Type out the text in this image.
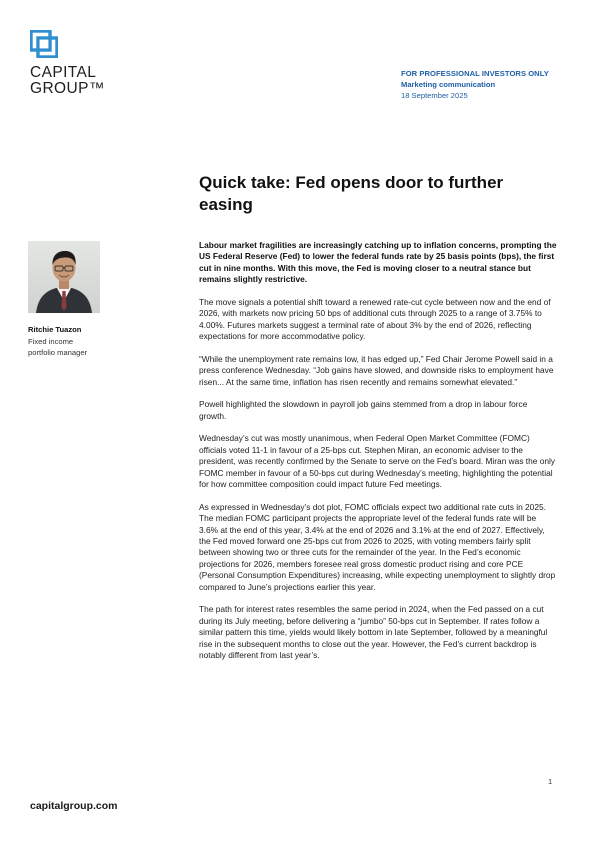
CAPITAL
GROUP™
FOR PROFESSIONAL INVESTORS ONLY
Marketing communication
18 September 2025
Quick take: Fed opens door to further easing
Ritchie Tuazon
Fixed income
portfolio manager

Labour market fragilities are increasingly catching up to inflation concerns, prompting the US Federal Reserve (Fed) to lower the federal funds rate by 25 basis points (bps), the first cut in nine months. With this move, the Fed is moving closer to a neutral stance but remains slightly restrictive.

The move signals a potential shift toward a renewed rate-cut cycle between now and the end of 2026, with markets now pricing 50 bps of additional cuts through 2025 to a range of 3.75% to 4.00%. Futures markets suggest a terminal rate of about 3% by the end of 2026, reflecting expectations for more accommodative policy.

“While the unemployment rate remains low, it has edged up,” Fed Chair Jerome Powell said in a press conference Wednesday. “Job gains have slowed, and downside risks to employment have risen... At the same time, inflation has risen recently and remains somewhat elevated.”

Powell highlighted the slowdown in payroll job gains stemmed from a drop in labour force growth.

Wednesday’s cut was mostly unanimous, when Federal Open Market Committee (FOMC) officials voted 11-1 in favour of a 25-bps cut. Stephen Miran, an economic adviser to the president, was recently confirmed by the Senate to serve on the Fed’s board. Miran was the only FOMC member in favour of a 50-bps cut during Wednesday’s meeting, highlighting the potential for how committee composition could impact future Fed meetings.

As expressed in Wednesday’s dot plot, FOMC officials expect two additional rate cuts in 2025. The median FOMC participant projects the appropriate level of the federal funds rate will be 3.6% at the end of this year, 3.4% at the end of 2026 and 3.1% at the end of 2027. Effectively, the Fed moved forward one 25-bps cut from 2026 to 2025, with voting members fairly split between showing two or three cuts for the remainder of the year. In the Fed’s economic projections for 2026, members foresee real gross domestic product rising and core PCE (Personal Consumption Expenditures) increasing, while expecting unemployment to slightly drop compared to June’s projections earlier this year.

The path for interest rates resembles the same period in 2024, when the Fed passed on a cut during its July meeting, before delivering a “jumbo” 50-bps cut in September. If rates follow a similar pattern this time, yields would likely bottom in late September, followed by a meaningful rise in the subsequent months to close out the year. However, the Fed’s current backdrop is notably different from last year’s.

1
capitalgroup.com
